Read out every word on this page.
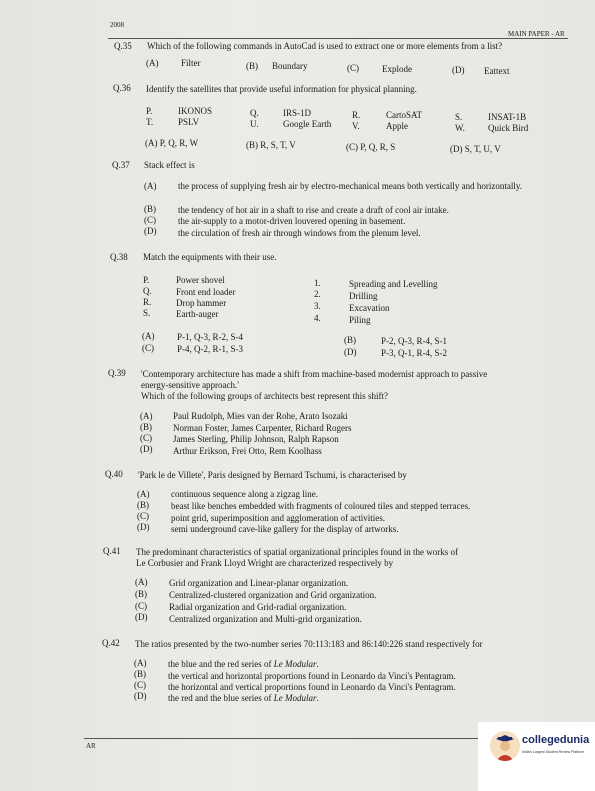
2008
MAIN PAPER - AR
Q.35 Which of the following commands in AutoCad is used to extract one or more elements from a list?
(A)	Filter	(B) Boundary	(C)	Explode	(D) Eattext
Q.36 Identify the satellites that provide useful information for physical planning.
P.	IKONOS	Q.	IRS-1D	R.	CartoSAT	S.	INSAT-1B
T.	PSLV	U.	Google Earth V.	Apple	W.	Quick Bird
(A) P, Q, R, W	(B) R, S, T, V	(C) P, Q, R, S	(D) S, T, U, V
Q.37 Stack effect is
(A) the process of supplying fresh air by electro-mechanical means both vertically and horizontally.
(B) the tendency of hot air in a shaft to rise and create a draft of cool air intake.
(C) the air-supply to a motor-driven louvered opening in basement.
(D) the circulation of fresh air through windows from the plenum level.
Q.38 Match the equipments with their use.
P.	Power shovel
Q.	Front end loader
R.	Drop hammer
S.	Earth-auger
1.	Spreading and Levelling
2.	Drilling
3.	Excavation
4.	Piling
(A)	P-1, Q-3, R-2, S-4	(B)	P-2, Q-3, R-4, S-1
(C)	P-4, Q-2, R-1, S-3	(D)	P-3, Q-1, R-4, S-2
Q.39 'Contemporary architecture has made a shift from machine-based modernist approach to passive
energy-sensitive approach.'
Which of the following groups of architects best represent this shift?
(A) Paul Rudolph, Mies van der Rohe, Arato Isozaki
(B) Norman Foster, James Carpenter, Richard Rogers
(C) James Sterling, Philip Johnson, Ralph Rapson
(D) Arthur Erikson, Frei Otto, Rem Koolhass
Q.40 'Park le de Villete', Paris designed by Bernard Tschumi, is characterised by
(A) continuous sequence along a zigzag line.
(B) beast like benches embedded with fragments of coloured tiles and stepped terraces.
(C) point grid, superimposition and agglomeration of activities.
(D) semi underground cave-like gallery for the display of artworks.
Q.41 The predominant characteristics of spatial organizational principles found in the works of
Le Corbusier and Frank Lloyd Wright are characterized respectively by
(A) Grid organization and Linear-planar organization.
(B) Centralized-clustered organization and Grid organization.
(C) Radial organization and Grid-radial organization.
(D) Centralized organization and Multi-grid organization.
Q.42 The ratios presented by the two-number series 70:113:183 and 86:140:226 stand respectively for
(A) the blue and the red series of Le Modular.
(B) the vertical and horizontal proportions found in Leonardo da Vinci's Pentagram.
(C) the horizontal and vertical proportions found in Leonardo da Vinci's Pentagram.
(D) the red and the blue series of Le Modular.
AR	collegedunia
India's Largest Student Review Platform
